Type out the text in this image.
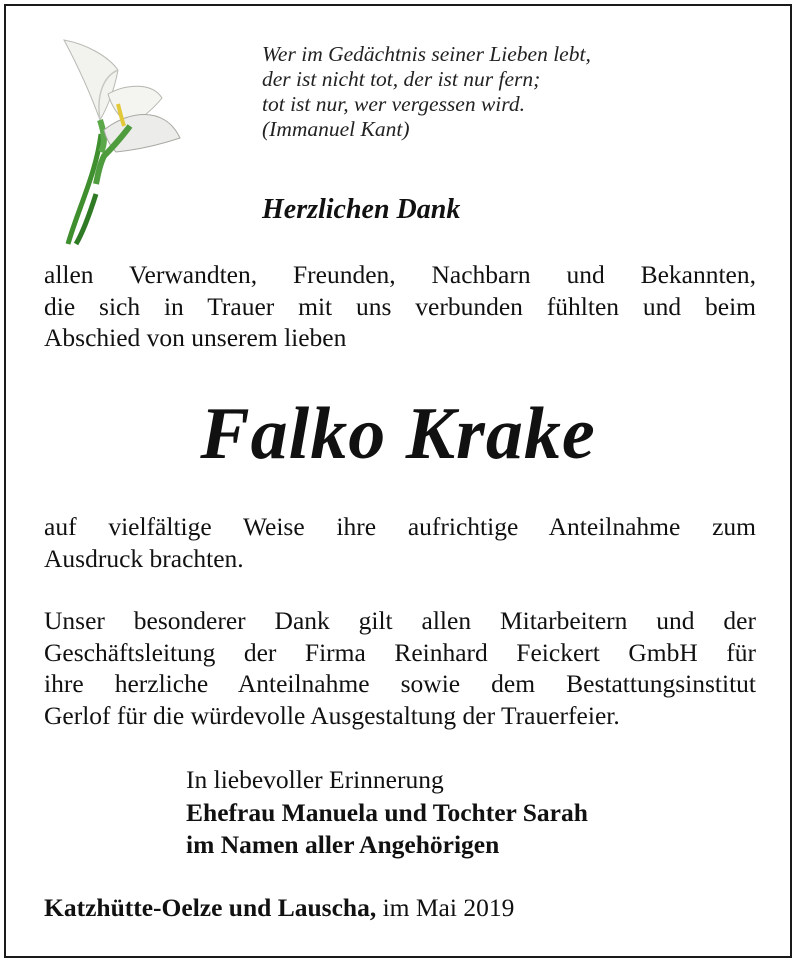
Wer im Gedächtnis seiner Lieben lebt,
der ist nicht tot, der ist nur fern;
tot ist nur, wer vergessen wird.
(Immanuel Kant)
Herzlichen Dank
allen Verwandten, Freunden, Nachbarn und Bekannten,
die sich in Trauer mit uns verbunden fühlten und beim
Abschied von unserem lieben
Falko Krake
auf vielfältige Weise ihre aufrichtige Anteilnahme zum
Ausdruck brachten.
Unser besonderer Dank gilt allen Mitarbeitern und der
Geschäftsleitung der Firma Reinhard Feickert GmbH für
ihre herzliche Anteilnahme sowie dem Bestattungsinstitut
Gerlof für die würdevolle Ausgestaltung der Trauerfeier.
In liebevoller Erinnerung
Ehefrau Manuela und Tochter Sarah
im Namen aller Angehörigen
Katzhütte-Oelze und Lauscha, im Mai 2019
